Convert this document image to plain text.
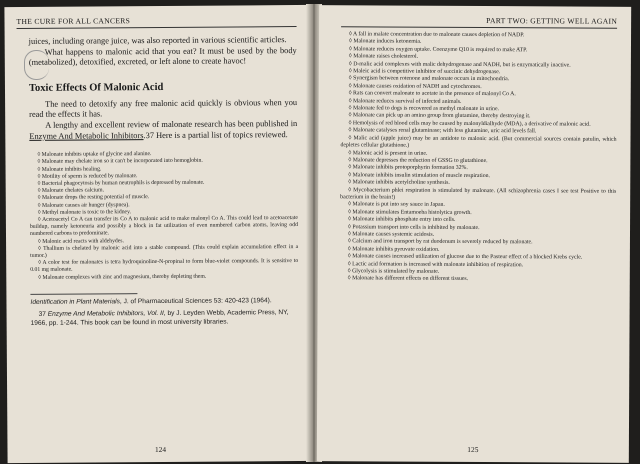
THE CURE FOR ALL CANCERS

juices, including orange juice, was also reported in various scientific articles.

What happens to malonic acid that you eat? It must be used by the body (metabolized), detoxified, excreted, or left alone to create havoc!

Toxic Effects Of Malonic Acid

The need to detoxify any free malonic acid quickly is obvious when you read the effects it has.

A lengthy and excellent review of malonate research has been published in Enzyme And Metabolic Inhibitors.37 Here is a partial list of topics reviewed.

◊ Malonate inhibits uptake of glycine and alanine.

◊ Malonate may chelate iron so it can't be incorporated into hemoglobin.

◊ Malonate inhibits healing.

◊ Motility of sperm is reduced by malonate.

◊ Bacterial phagocytosis by human neutrophils is depressed by malonate.

◊ Malonate chelates calcium.

◊ Malonate drops the resting potential of muscle.

◊ Malonate causes air hunger (dyspnea).

◊ Methyl malonate is toxic to the kidney.

◊ Acetoacetyl Co A can transfer its Co A to malonic acid to make malonyl Co A. This could lead to acetoacetate buildup, namely ketoneuria and possibly a block in fat utilization of even numbered carbon atoms, leaving odd numbered carbons to predominate.

◊ Malonic acid reacts with aldehydes.

◊ Thallium is chelated by malonic acid into a stable compound. (This could explain accumulation effect in a tumor.)

◊ A color test for malonates is tetra hydroquinoline-N-propinal to form blue-violet compounds. It is sensitive to 0.01 mg malonate.

◊ Malonate complexes with zinc and magnesium, thereby depleting them.

Identification in Plant Materials, J. of Pharmaceutical Sciences 53: 420-423 (1964).

37 Enzyme And Metabolic Inhibitors, Vol. II, by J. Leyden Webb, Academic Press, NY, 1966, pp. 1-244. This book can be found in most university libraries.

124
PART TWO: GETTING WELL AGAIN

◊ A fall in malate concentration due to malonate causes depletion of NADP.

◊ Malonate induces ketonemia.

◊ Malonate reduces oxygen uptake. Coenzyme Q10 is required to make ATP.

◊ Malonate raises cholesterol.

◊ D-malic acid complexes with malic dehydrogenase and NADH, but is enzymatically inactive.

◊ Maleic acid is competitive inhibitor of succinic dehydrogenase.

◊ Synergism between rotenone and malonate occurs in mitochondria.

◊ Malonate causes oxidation of NADH and cytochromes.

◊ Rats can convert malonate to acetate in the presence of malonyl Co A.

◊ Malonate reduces survival of infected animals.

◊ Malonate fed to dogs is recovered as methyl malonate in urine.

◊ Malonate can pick up an amino group from glutamine, thereby destroying it.

◊ Hemolysis of red blood cells may be caused by malonyldialhyde (MDA), a derivative of malonic acid.

◊ Malonate catalyses renal glutaminase; with less glutamine, uric acid levels fall.

◊ Malic acid (apple juice) may be an antidote to malonic acid. (But commercial sources contain patulin, which depletes cellular glutathione.)

◊ Malonic acid is present in urine.

◊ Malonate depresses the reduction of GSSG to glutathione.

◊ Malonate inhibits protoporphyrin formation 32%.

◊ Malonate inhibits insulin stimulation of muscle respiration.

◊ Malonate inhibits acetylcholine synthesis.

◊ Mycobacterium phlei respiration is stimulated by malonate. (All schizophrenia cases I see test Positive to this bacterium in the brain!)

◊ Malonate is put into soy sauce in Japan.

◊ Malonate stimulates Entamoeba histolytica growth.

◊ Malonate inhibits phosphate entry into cells.

◊ Potassium transport into cells is inhibited by malonate.

◊ Malonate causes systemic acidosis.

◊ Calcium and iron transport by rat duodenum is severely reduced by malonate.

◊ Malonate inhibits pyruvate oxidation.

◊ Malonate causes increased utilization of glucose due to the Pasteur effect of a blocked Krebs cycle.

◊ Lactic acid formation is increased with malonate inhibition of respiration.

◊ Glycolysis is stimulated by malonate.

◊ Malonate has different effects on different tissues.

125
